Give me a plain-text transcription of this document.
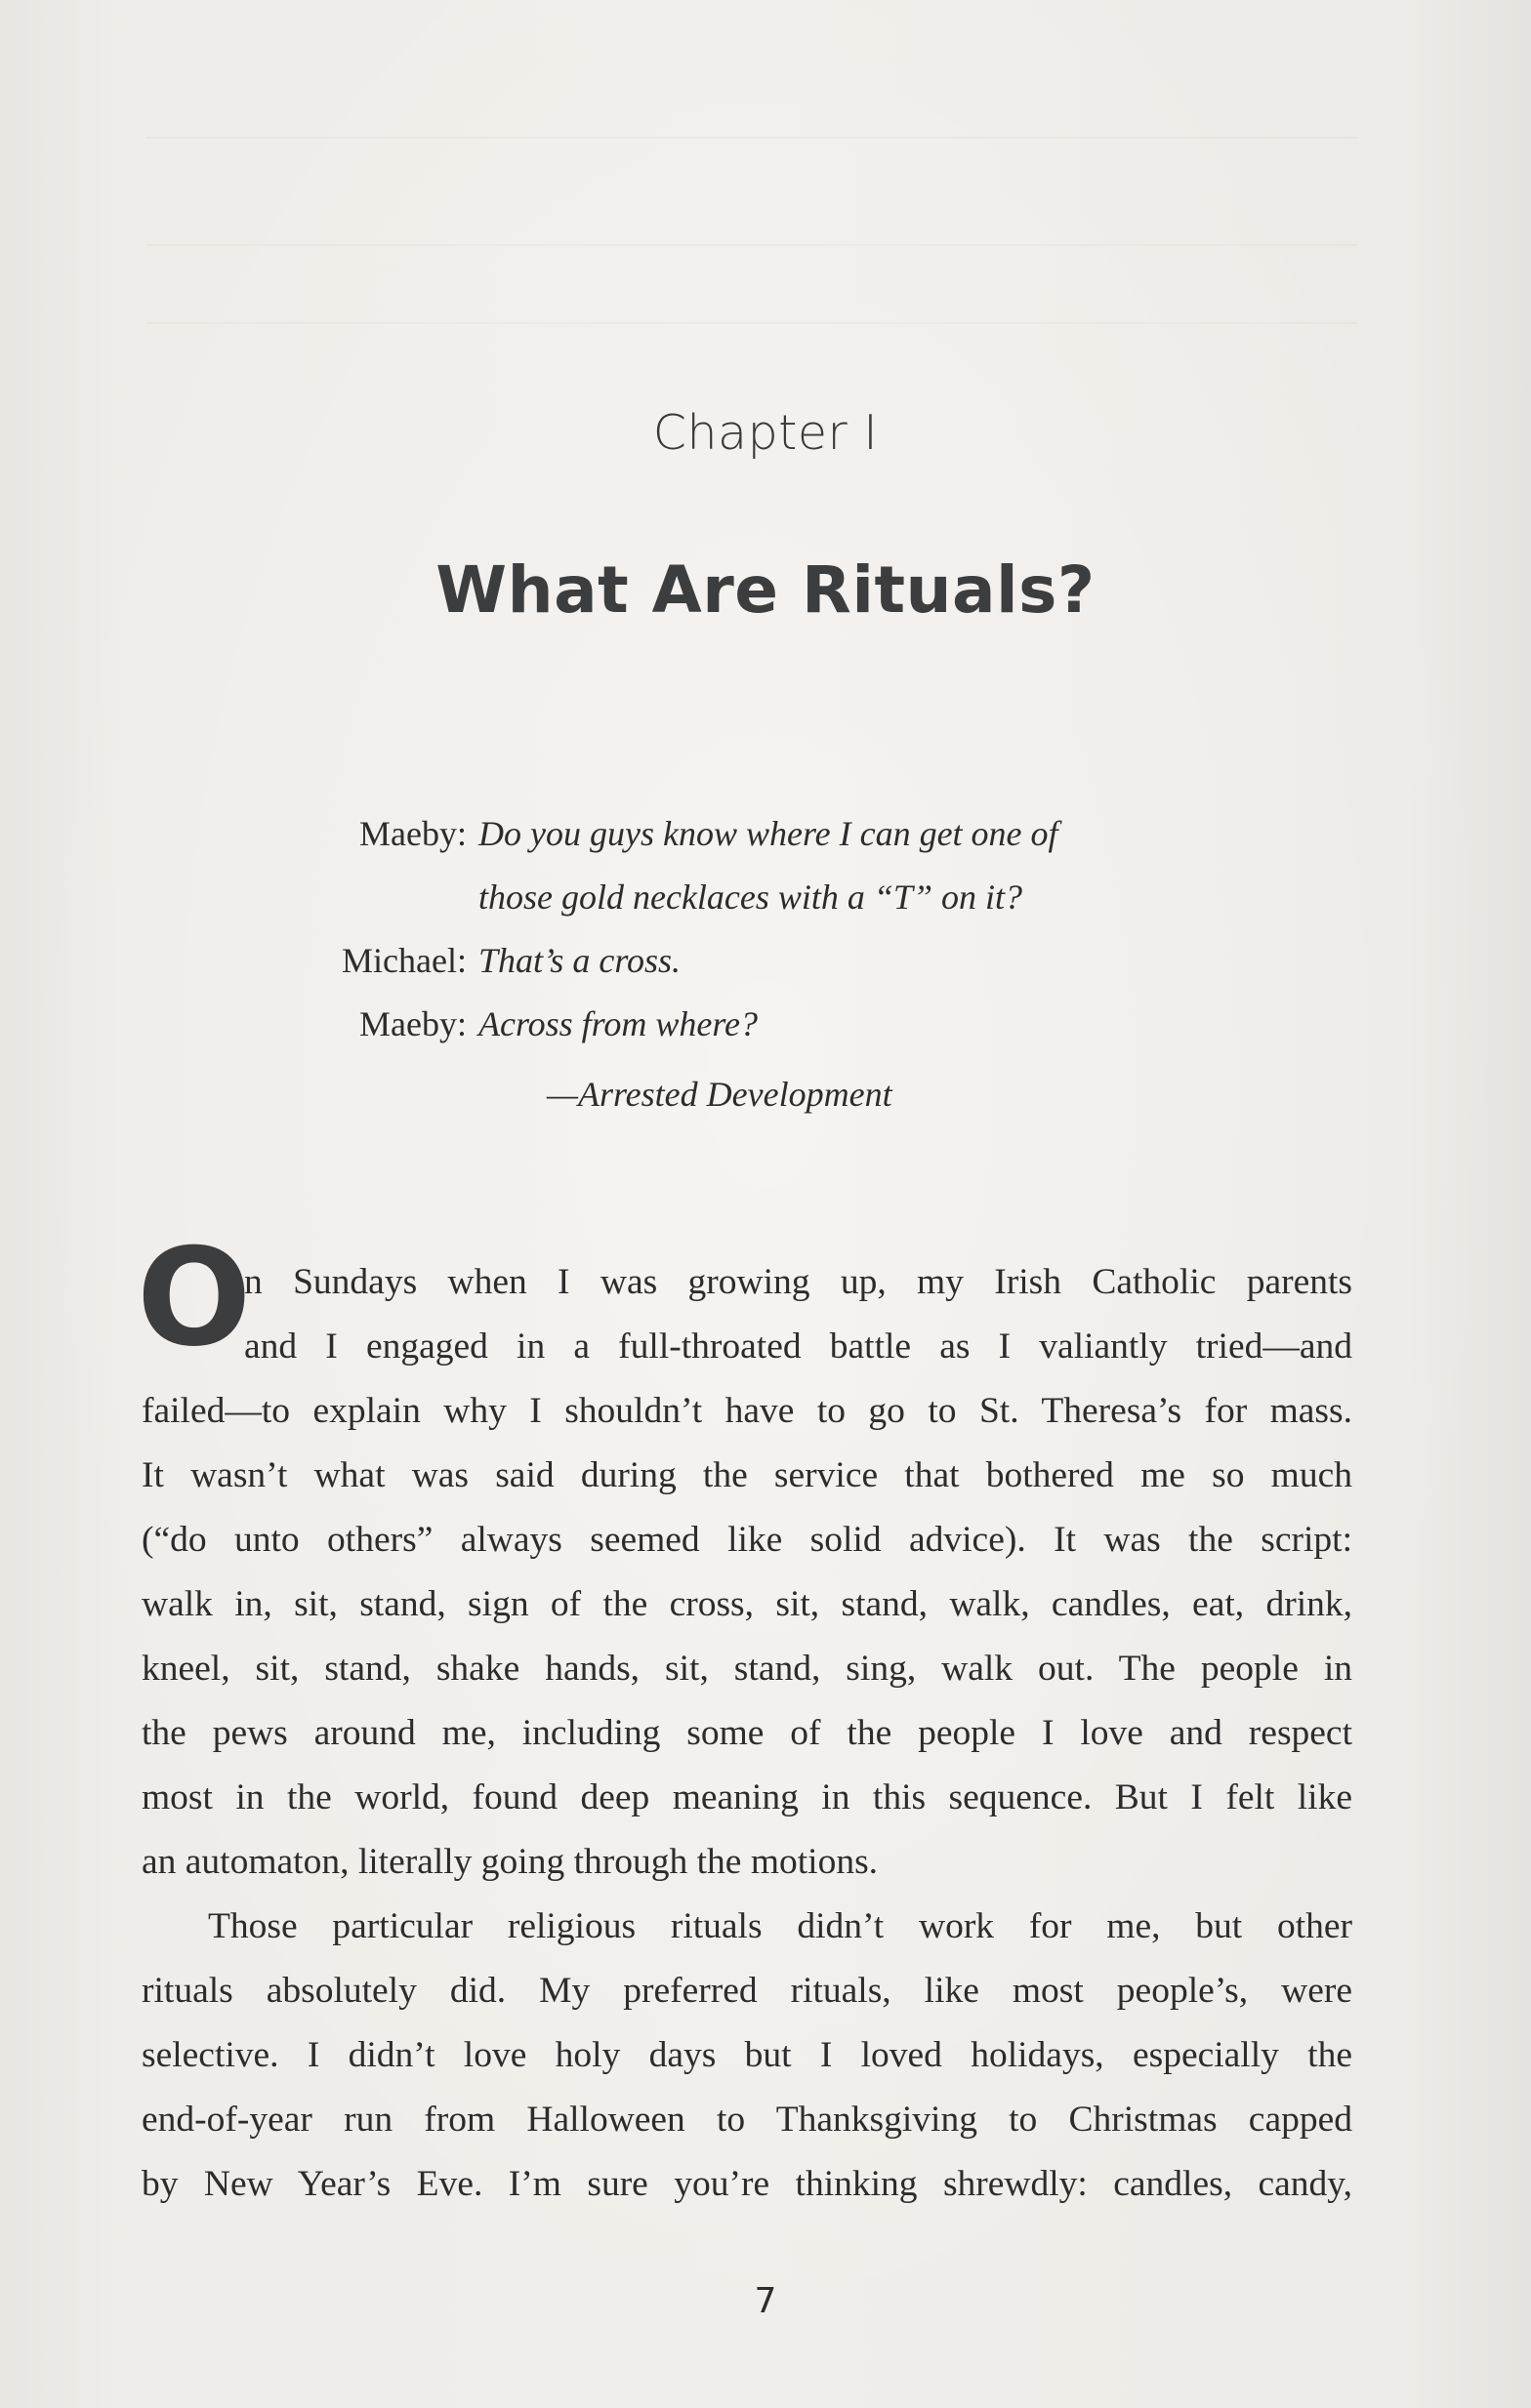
Chapter I
What Are Rituals?
Maeby: Do you guys know where I can get one of
those gold necklaces with a “T” on it?
Michael: That’s a cross.
Maeby: Across from where?
—Arrested Development
O
n Sundays when I was growing up, my Irish Catholic parents
and I engaged in a full-throated battle as I valiantly tried—and
failed—to explain why I shouldn’t have to go to St. Theresa’s for mass.
It wasn’t what was said during the service that bothered me so much
(“do unto others” always seemed like solid advice). It was the script:
walk in, sit, stand, sign of the cross, sit, stand, walk, candles, eat, drink,
kneel, sit, stand, shake hands, sit, stand, sing, walk out. The people in
the pews around me, including some of the people I love and respect
most in the world, found deep meaning in this sequence. But I felt like
an automaton, literally going through the motions.
Those particular religious rituals didn’t work for me, but other
rituals absolutely did. My preferred rituals, like most people’s, were
selective. I didn’t love holy days but I loved holidays, especially the
end-of-year run from Halloween to Thanksgiving to Christmas capped
by New Year’s Eve. I’m sure you’re thinking shrewdly: candles, candy,
7
